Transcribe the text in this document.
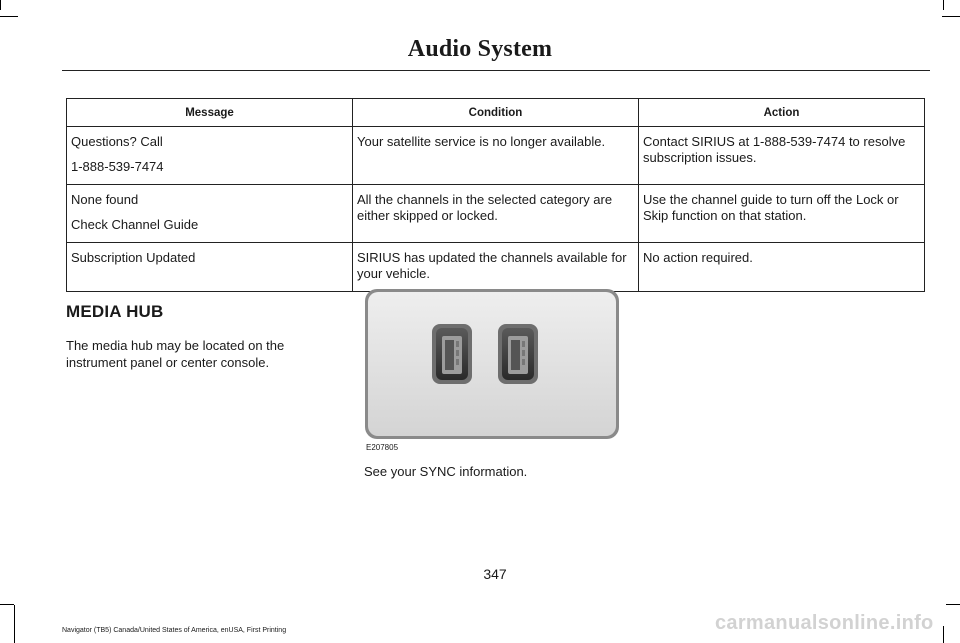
Audio System
Message	Condition	Action

Questions? Call

1-888-539-7474	Your satellite service is no longer available.	Contact SIRIUS at 1-888-539-7474 to resolve subscription issues.

None found

Check Channel Guide	All the channels in the selected category are either skipped or locked.	Use the channel guide to turn off the Lock or Skip function on that station.

Subscription Updated	SIRIUS has updated the channels available for your vehicle.	No action required.

MEDIA HUB

The media hub may be located on the instrument panel or center console.

E207805

See your SYNC information.

347
Navigator (TB5) Canada/United States of America, enUSA, First Printing	carmanualsonline.info
